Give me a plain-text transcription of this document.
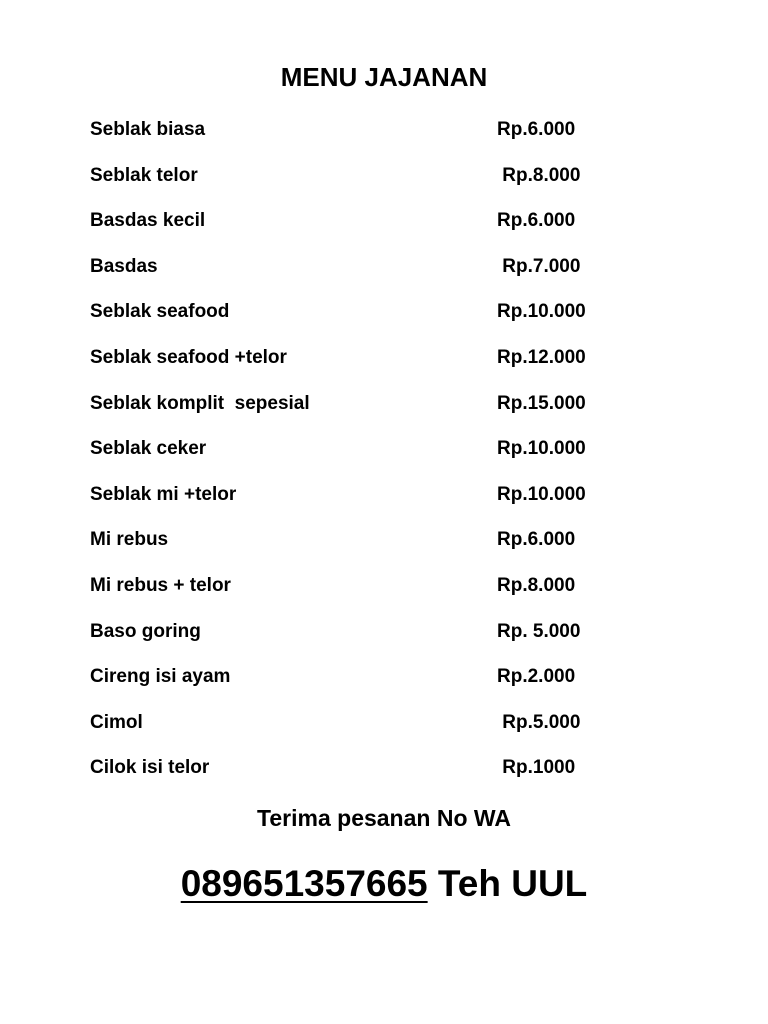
MENU JAJANAN
Seblak biasa	Rp.6.000
Seblak telor	Rp.8.000
Basdas kecil	Rp.6.000
Basdas	Rp.7.000
Seblak seafood	Rp.10.000
Seblak seafood +telor	Rp.12.000
Seblak komplit  sepesial	Rp.15.000
Seblak ceker	Rp.10.000
Seblak mi +telor	Rp.10.000
Mi rebus	Rp.6.000
Mi rebus + telor	Rp.8.000
Baso goring	Rp. 5.000
Cireng isi ayam	Rp.2.000
Cimol	Rp.5.000
Cilok isi telor	Rp.1000
Terima pesanan No WA
089651357665 Teh UUL
